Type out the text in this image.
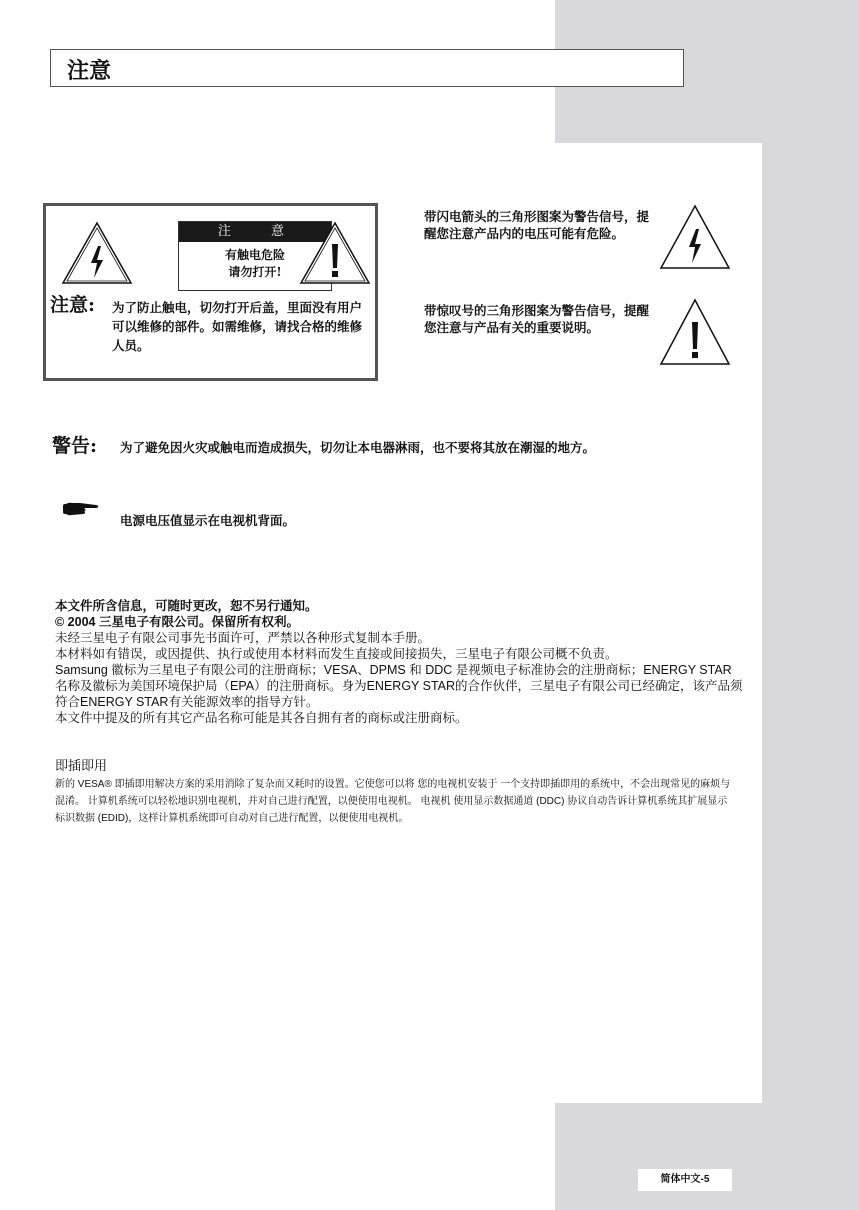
注意
注 意
有触电危险
请勿打开!
注意: 为了防止触电，切勿打开后盖，里面没有用户可以维修的部件。如需维修，请找合格的维修人员。
带闪电箭头的三角形图案为警告信号，提醒您注意产品内的电压可能有危险。
带惊叹号的三角形图案为警告信号，提醒您注意与产品有关的重要说明。
警告: 为了避免因火灾或触电而造成损失，切勿让本电器淋雨，也不要将其放在潮湿的地方。
电源电压值显示在电视机背面。

本文件所含信息，可随时更改，恕不另行通知。

© 2004 三星电子有限公司。保留所有权利。

未经三星电子有限公司事先书面许可，严禁以各种形式复制本手册。

本材料如有错误，或因提供、执行或使用本材料而发生直接或间接损失，三星电子有限公司概不负责。

Samsung 徽标为三星电子有限公司的注册商标；VESA、DPMS 和 DDC 是视频电子标准协会的注册商标；ENERGY STAR 名称及徽标为美国环境保护局（EPA）的注册商标。身为ENERGY STAR的合作伙伴，三星电子有限公司已经确定，该产品须符合ENERGY STAR有关能源效率的指导方针。

本文件中提及的所有其它产品名称可能是其各自拥有者的商标或注册商标。

即插即用
新的 VESA® 即插即用解决方案的采用消除了复杂而又耗时的设置。它使您可以将 您的电视机安装于 一个支持即插即用的系统中，不会出现常见的麻烦与混淆。 计算机系统可以轻松地识别电视机，并对自己进行配置，以便使用电视机。 电视机 使用显示数据通道 (DDC) 协议自动告诉计算机系统其扩展显示标识数据 (EDID)，这样计算机系统即可自动对自己进行配置，以便使用电视机。
简体中文-5
